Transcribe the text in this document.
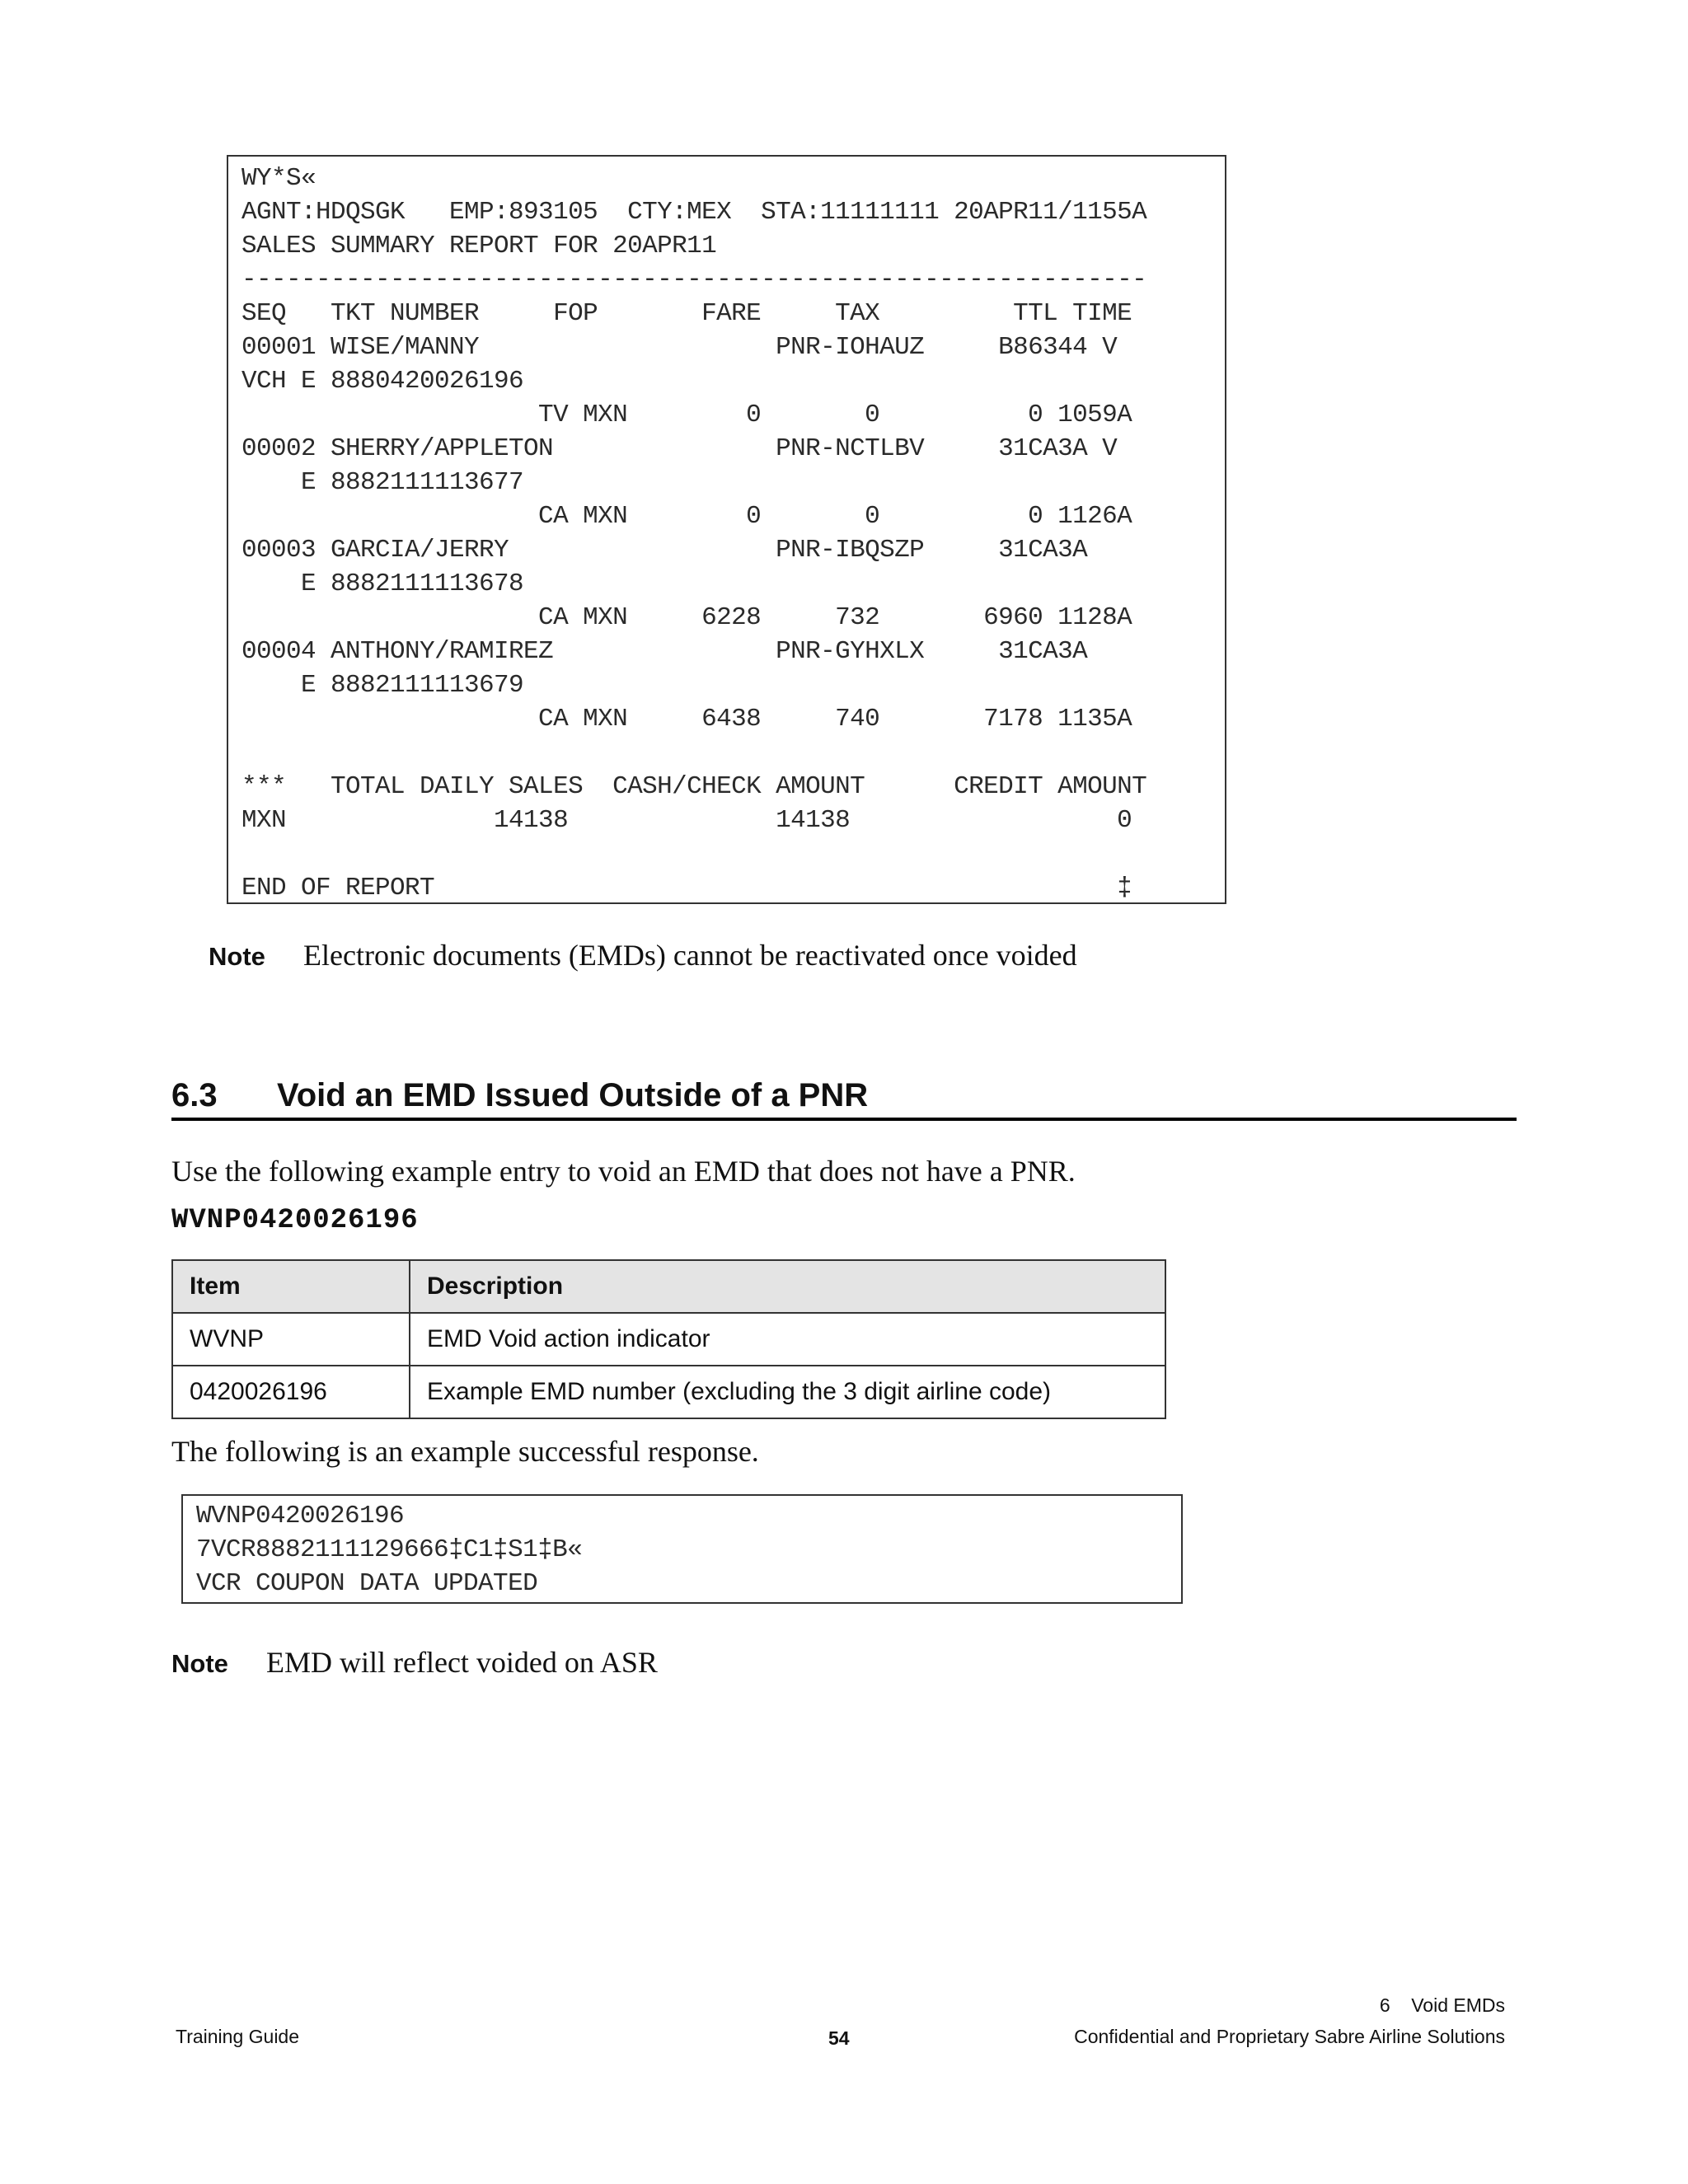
WY*S«
AGNT:HDQSGK   EMP:893105  CTY:MEX  STA:11111111 20APR11/1155A
SALES SUMMARY REPORT FOR 20APR11
-------------------------------------------------------------
SEQ   TKT NUMBER     FOP       FARE     TAX         TTL TIME
00001 WISE/MANNY                    PNR-IOHAUZ     B86344 V
VCH E 8880420026196
TV MXN        0       0          0 1059A
00002 SHERRY/APPLETON               PNR-NCTLBV     31CA3A V
E 8882111113677
CA MXN        0       0          0 1126A
00003 GARCIA/JERRY                  PNR-IBQSZP     31CA3A
E 8882111113678
CA MXN     6228     732       6960 1128A
00004 ANTHONY/RAMIREZ               PNR-GYHXLX     31CA3A
E 8882111113679
CA MXN     6438     740       7178 1135A
***   TOTAL DAILY SALES  CASH/CHECK AMOUNT      CREDIT AMOUNT
MXN              14138              14138                  0
END OF REPORT                                              ‡
Note Electronic documents (EMDs) cannot be reactivated once voided
6.3 Void an EMD Issued Outside of a PNR
Use the following example entry to void an EMD that does not have a PNR.
WVNP0420026196
Item	Description
WVNP	EMD Void action indicator
0420026196	Example EMD number (excluding the 3 digit airline code)
The following is an example successful response.
WVNP0420026196
7VCR8882111129666‡C1‡S1‡B«
VCR COUPON DATA UPDATED
Note EMD will reflect voided on ASR
6    Void EMDs
Training Guide	54	Confidential and Proprietary Sabre Airline Solutions
